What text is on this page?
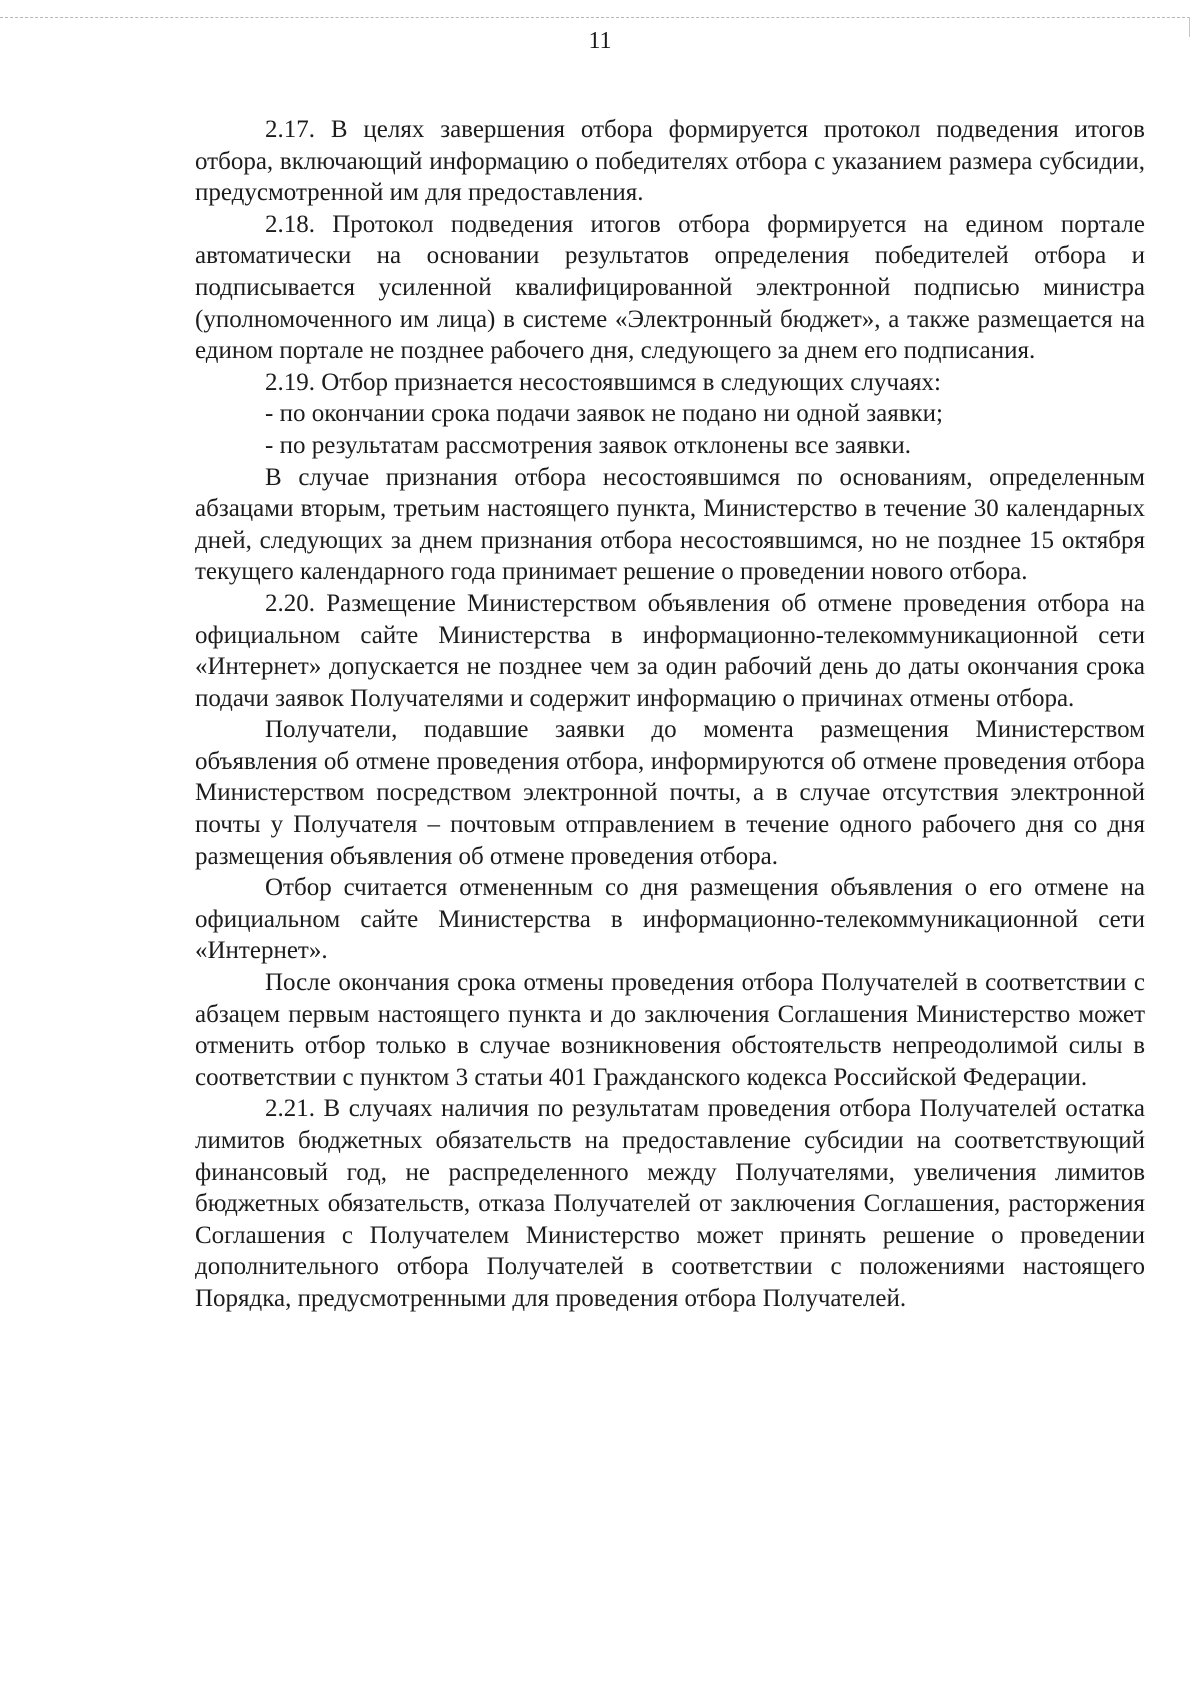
11

2.17. В целях завершения отбора формируется протокол подведения итогов отбора, включающий информацию о победителях отбора с указанием размера субсидии, предусмотренной им для предоставления.

2.18. Протокол подведения итогов отбора формируется на едином портале автоматически на основании результатов определения победителей отбора и подписывается усиленной квалифицированной электронной подписью министра (уполномоченного им лица) в системе «Электронный бюджет», а также размещается на едином портале не позднее рабочего дня, следующего за днем его подписания.

2.19. Отбор признается несостоявшимся в следующих случаях:

- по окончании срока подачи заявок не подано ни одной заявки;

- по результатам рассмотрения заявок отклонены все заявки.

В случае признания отбора несостоявшимся по основаниям, определенным абзацами вторым, третьим настоящего пункта, Министерство в течение 30 календарных дней, следующих за днем признания отбора несостоявшимся, но не позднее 15 октября текущего календарного года принимает решение о проведении нового отбора.

2.20. Размещение Министерством объявления об отмене проведения отбора на официальном сайте Министерства в информационно-телекоммуникационной сети «Интернет» допускается не позднее чем за один рабочий день до даты окончания срока подачи заявок Получателями и содержит информацию о причинах отмены отбора.

Получатели, подавшие заявки до момента размещения Министерством объявления об отмене проведения отбора, информируются об отмене проведения отбора Министерством посредством электронной почты, а в случае отсутствия электронной почты у Получателя – почтовым отправлением в течение одного рабочего дня со дня размещения объявления об отмене проведения отбора.

Отбор считается отмененным со дня размещения объявления о его отмене на официальном сайте Министерства в информационно-телекоммуникационной сети «Интернет».

После окончания срока отмены проведения отбора Получателей в соответствии с абзацем первым настоящего пункта и до заключения Соглашения Министерство может отменить отбор только в случае возникновения обстоятельств непреодолимой силы в соответствии с пунктом 3 статьи 401 Гражданского кодекса Российской Федерации.

2.21. В случаях наличия по результатам проведения отбора Получателей остатка лимитов бюджетных обязательств на предоставление субсидии на соответствующий финансовый год, не распределенного между Получателями, увеличения лимитов бюджетных обязательств, отказа Получателей от заключения Соглашения, расторжения Соглашения с Получателем Министерство может принять решение о проведении дополнительного отбора Получателей в соответствии с положениями настоящего Порядка, предусмотренными для проведения отбора Получателей.
